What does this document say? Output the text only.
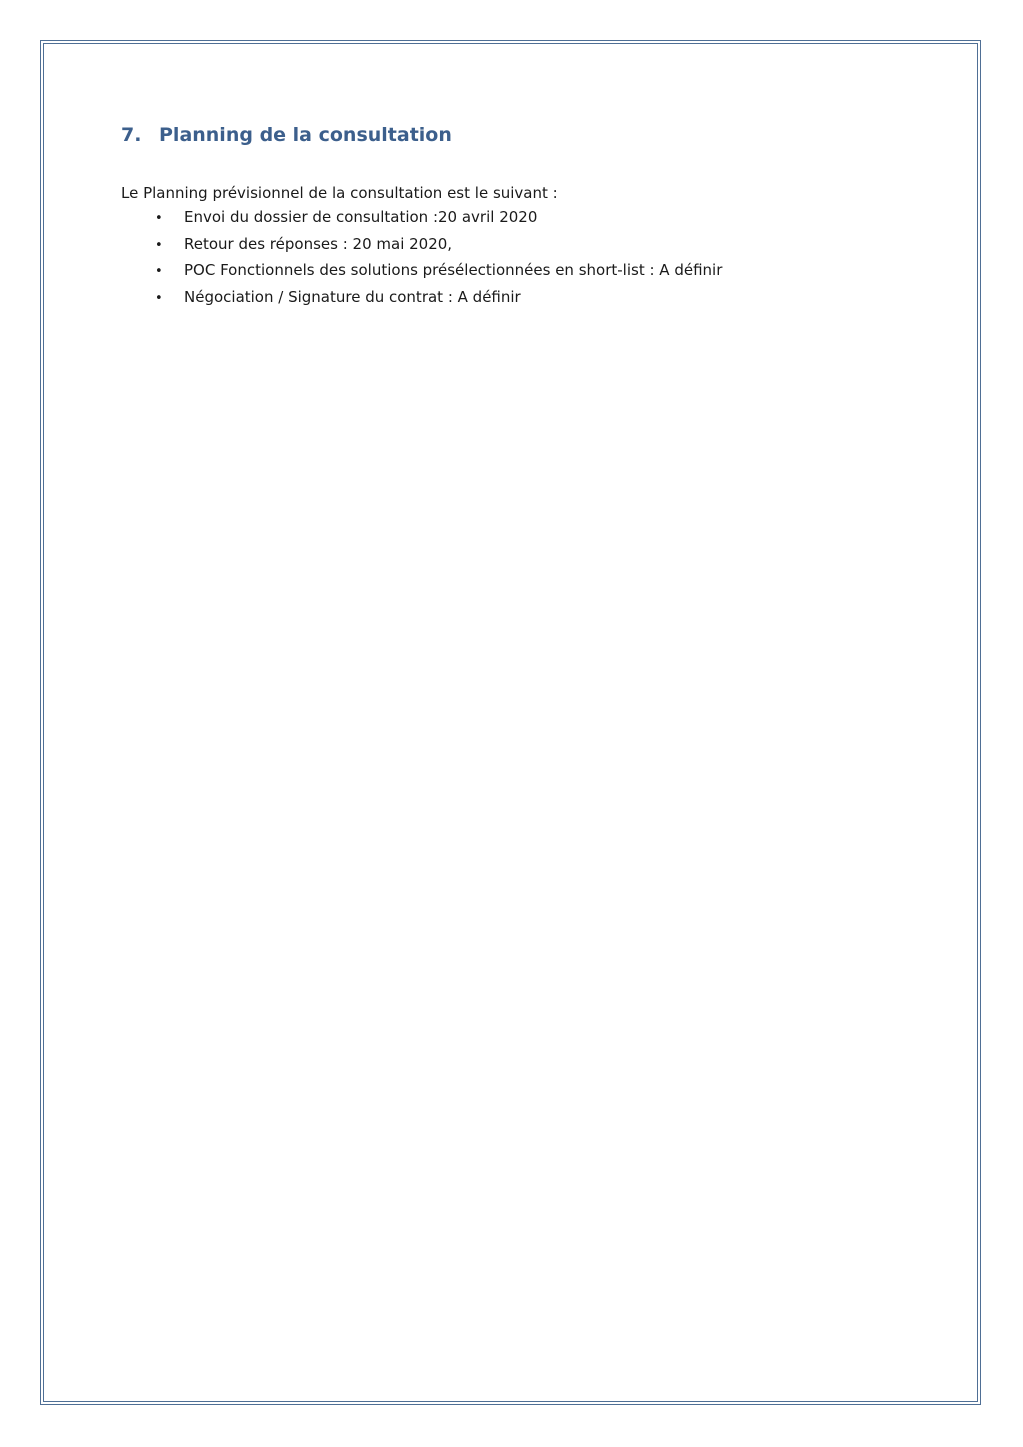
7. Planning de la consultation
Le Planning prévisionnel de la consultation est le suivant :
•	Envoi du dossier de consultation :20 avril 2020
•	Retour des réponses : 20 mai 2020,
•	POC Fonctionnels des solutions présélectionnées en short-list : A définir
•	Négociation / Signature du contrat : A définir
